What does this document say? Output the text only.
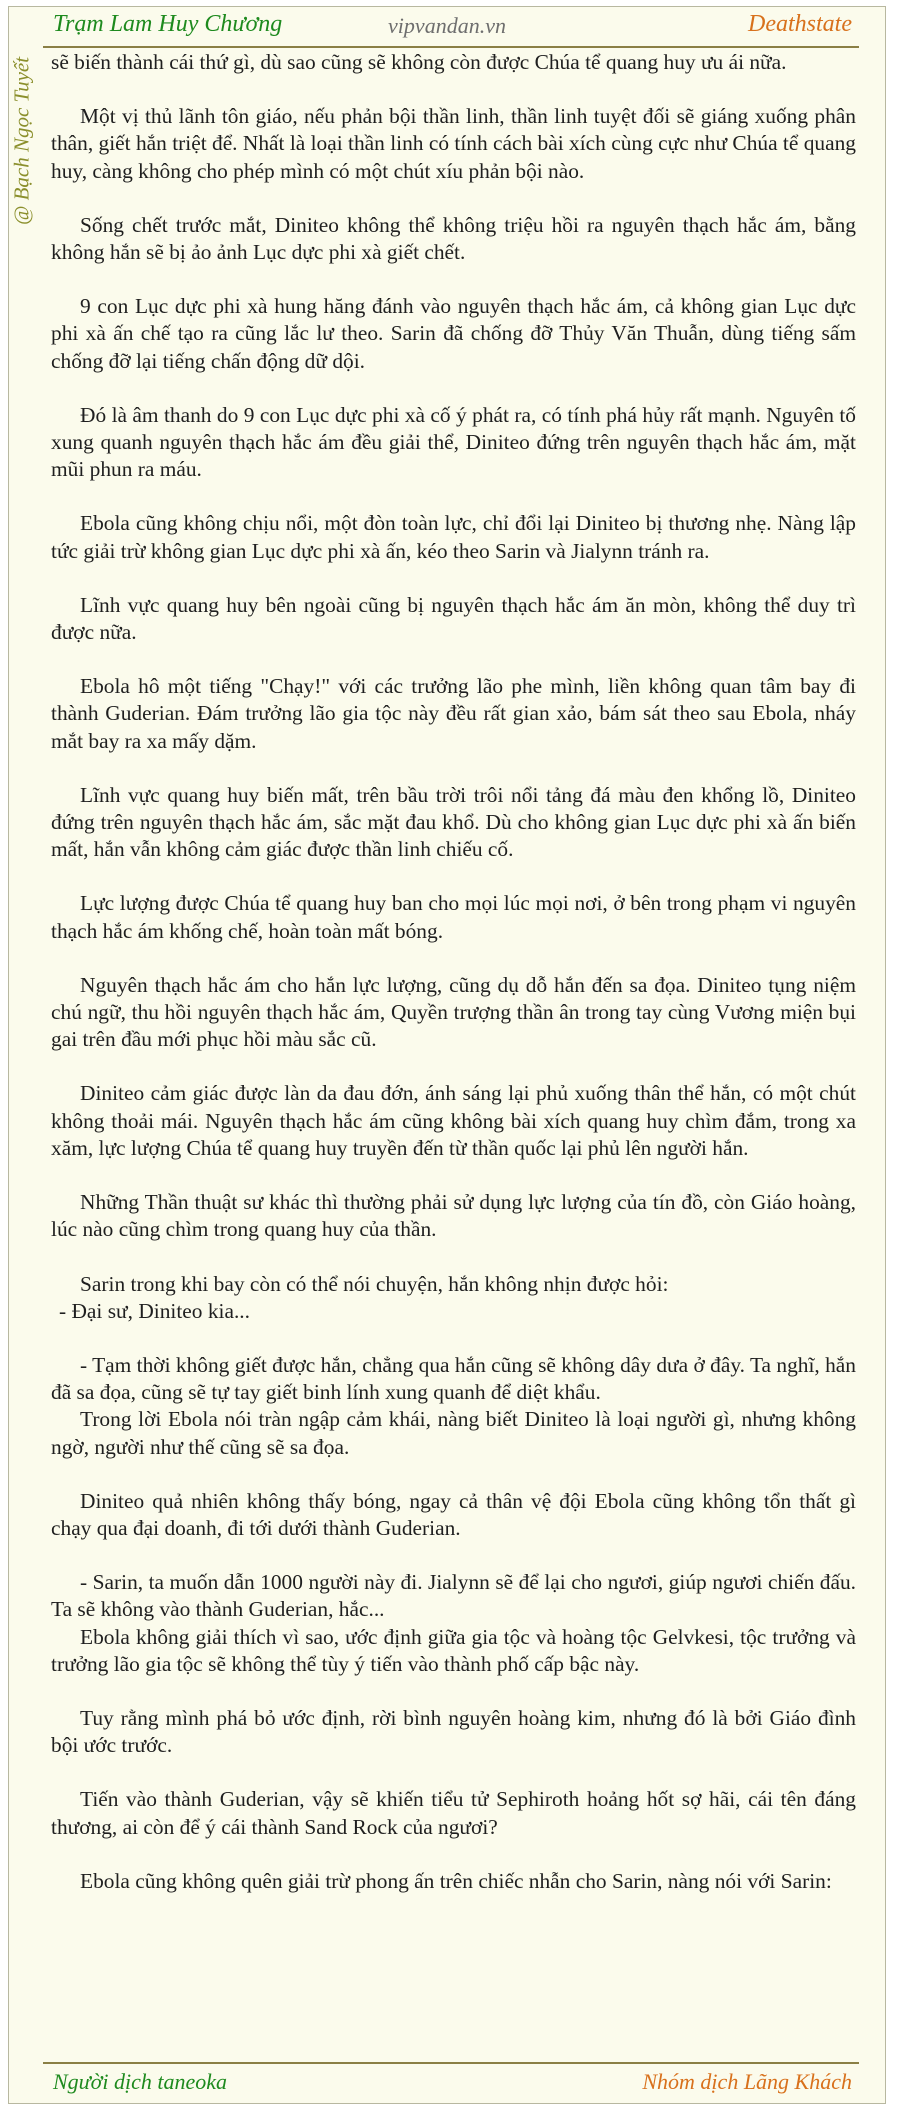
Trạm Lam Huy Chương	vipvandan.vn	Deathstate
@ Bạch Ngọc Tuyết sẽ biến thành cái thứ gì, dù sao cũng sẽ không còn được Chúa tể quang huy ưu ái nữa.

Một vị thủ lãnh tôn giáo, nếu phản bội thần linh, thần linh tuyệt đối sẽ giáng xuống phân thân, giết hắn triệt để. Nhất là loại thần linh có tính cách bài xích cùng cực như Chúa tể quang huy, càng không cho phép mình có một chút xíu phản bội nào.

Sống chết trước mắt, Diniteo không thể không triệu hồi ra nguyên thạch hắc ám, bằng không hắn sẽ bị ảo ảnh Lục dực phi xà giết chết.

9 con Lục dực phi xà hung hăng đánh vào nguyên thạch hắc ám, cả không gian Lục dực phi xà ấn chế tạo ra cũng lắc lư theo. Sarin đã chống đỡ Thủy Văn Thuẫn, dùng tiếng sấm chống đỡ lại tiếng chấn động dữ dội.

Đó là âm thanh do 9 con Lục dực phi xà cố ý phát ra, có tính phá hủy rất mạnh. Nguyên tố xung quanh nguyên thạch hắc ám đều giải thể, Diniteo đứng trên nguyên thạch hắc ám, mặt mũi phun ra máu.

Ebola cũng không chịu nổi, một đòn toàn lực, chỉ đổi lại Diniteo bị thương nhẹ. Nàng lập tức giải trừ không gian Lục dực phi xà ấn, kéo theo Sarin và Jialynn tránh ra.

Lĩnh vực quang huy bên ngoài cũng bị nguyên thạch hắc ám ăn mòn, không thể duy trì được nữa.

Ebola hô một tiếng "Chạy!" với các trưởng lão phe mình, liền không quan tâm bay đi thành Guderian. Đám trưởng lão gia tộc này đều rất gian xảo, bám sát theo sau Ebola, nháy mắt bay ra xa mấy dặm.

Lĩnh vực quang huy biến mất, trên bầu trời trôi nổi tảng đá màu đen khổng lồ, Diniteo đứng trên nguyên thạch hắc ám, sắc mặt đau khổ. Dù cho không gian Lục dực phi xà ấn biến mất, hắn vẫn không cảm giác được thần linh chiếu cố.

Lực lượng được Chúa tể quang huy ban cho mọi lúc mọi nơi, ở bên trong phạm vi nguyên thạch hắc ám khống chế, hoàn toàn mất bóng.

Nguyên thạch hắc ám cho hắn lực lượng, cũng dụ dỗ hắn đến sa đọa. Diniteo tụng niệm chú ngữ, thu hồi nguyên thạch hắc ám, Quyền trượng thần ân trong tay cùng Vương miện bụi gai trên đầu mới phục hồi màu sắc cũ.

Diniteo cảm giác được làn da đau đớn, ánh sáng lại phủ xuống thân thể hắn, có một chút không thoải mái. Nguyên thạch hắc ám cũng không bài xích quang huy chìm đắm, trong xa xăm, lực lượng Chúa tể quang huy truyền đến từ thần quốc lại phủ lên người hắn.

Những Thần thuật sư khác thì thường phải sử dụng lực lượng của tín đồ, còn Giáo hoàng, lúc nào cũng chìm trong quang huy của thần.

Sarin trong khi bay còn có thể nói chuyện, hắn không nhịn được hỏi:

- Đại sư, Diniteo kia...

- Tạm thời không giết được hắn, chẳng qua hắn cũng sẽ không dây dưa ở đây. Ta nghĩ, hắn đã sa đọa, cũng sẽ tự tay giết binh lính xung quanh để diệt khẩu.

Trong lời Ebola nói tràn ngập cảm khái, nàng biết Diniteo là loại người gì, nhưng không ngờ, người như thế cũng sẽ sa đọa.

Diniteo quả nhiên không thấy bóng, ngay cả thân vệ đội Ebola cũng không tổn thất gì chạy qua đại doanh, đi tới dưới thành Guderian.

- Sarin, ta muốn dẫn 1000 người này đi. Jialynn sẽ để lại cho ngươi, giúp ngươi chiến đấu. Ta sẽ không vào thành Guderian, hắc...

Ebola không giải thích vì sao, ước định giữa gia tộc và hoàng tộc Gelvkesi, tộc trưởng và trưởng lão gia tộc sẽ không thể tùy ý tiến vào thành phố cấp bậc này.

Tuy rằng mình phá bỏ ước định, rời bình nguyên hoàng kim, nhưng đó là bởi Giáo đình bội ước trước.

Tiến vào thành Guderian, vậy sẽ khiến tiểu tử Sephiroth hoảng hốt sợ hãi, cái tên đáng thương, ai còn để ý cái thành Sand Rock của ngươi?

Ebola cũng không quên giải trừ phong ấn trên chiếc nhẫn cho Sarin, nàng nói với Sarin:

Người dịch taneoka	Nhóm dịch Lãng Khách
